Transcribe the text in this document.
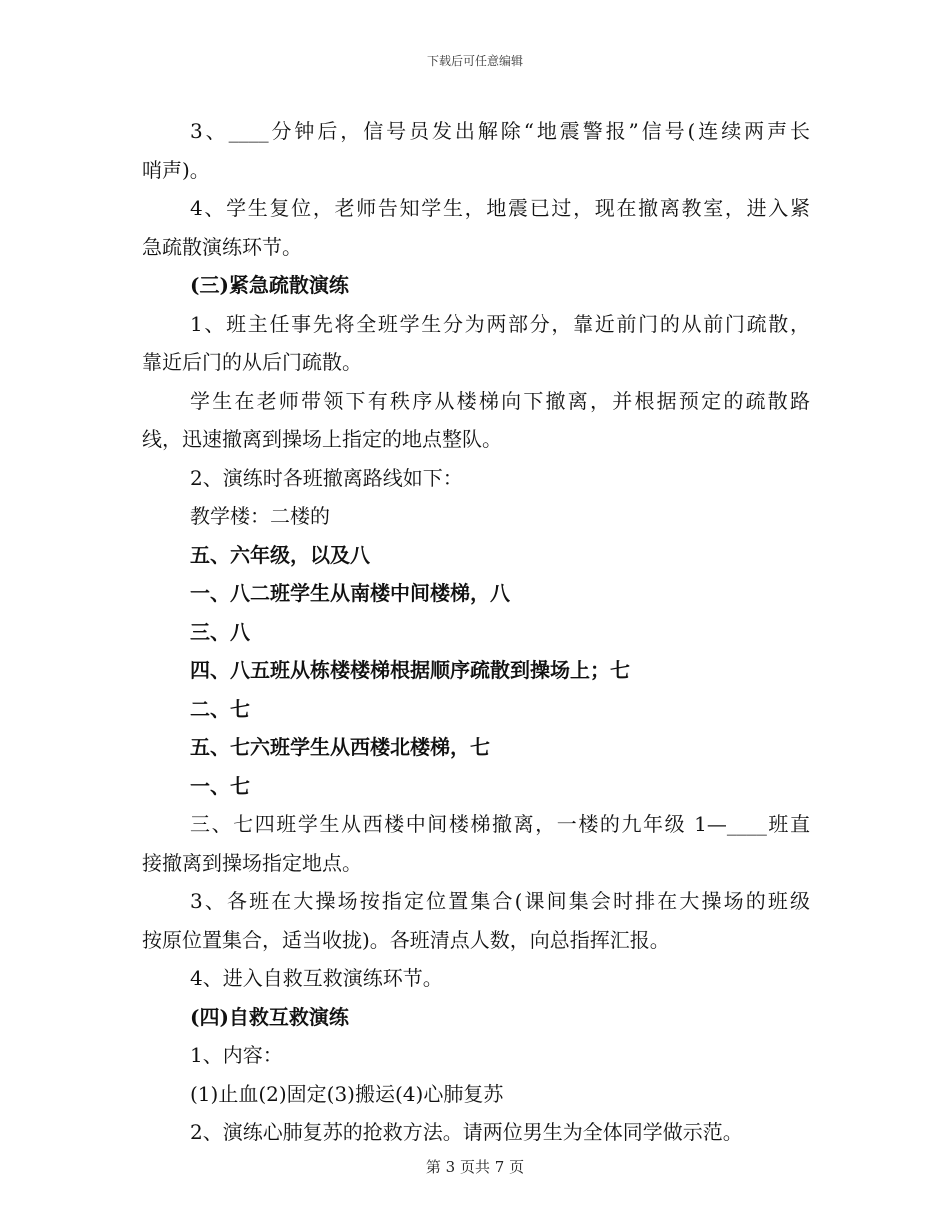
下载后可任意编辑

3、____分钟后，信号员发出解除“地震警报”信号(连续两声长

哨声)。

4、学生复位，老师告知学生，地震已过，现在撤离教室，进入紧

急疏散演练环节。

(三)紧急疏散演练

1、班主任事先将全班学生分为两部分，靠近前门的从前门疏散，

靠近后门的从后门疏散。

学生在老师带领下有秩序从楼梯向下撤离，并根据预定的疏散路

线，迅速撤离到操场上指定的地点整队。

2、演练时各班撤离路线如下：

教学楼：二楼的

五、六年级，以及八

一、八二班学生从南楼中间楼梯，八

三、八

四、八五班从栋楼楼梯根据顺序疏散到操场上；七

二、七

五、七六班学生从西楼北楼梯，七

一、七

三、七四班学生从西楼中间楼梯撤离，一楼的九年级 1—____班直

接撤离到操场指定地点。

3、各班在大操场按指定位置集合(课间集会时排在大操场的班级

按原位置集合，适当收拢)。各班清点人数，向总指挥汇报。

4、进入自救互救演练环节。

(四)自救互救演练

1、内容：

(1)止血(2)固定(3)搬运(4)心肺复苏

2、演练心肺复苏的抢救方法。请两位男生为全体同学做示范。

第 3 页共 7 页
